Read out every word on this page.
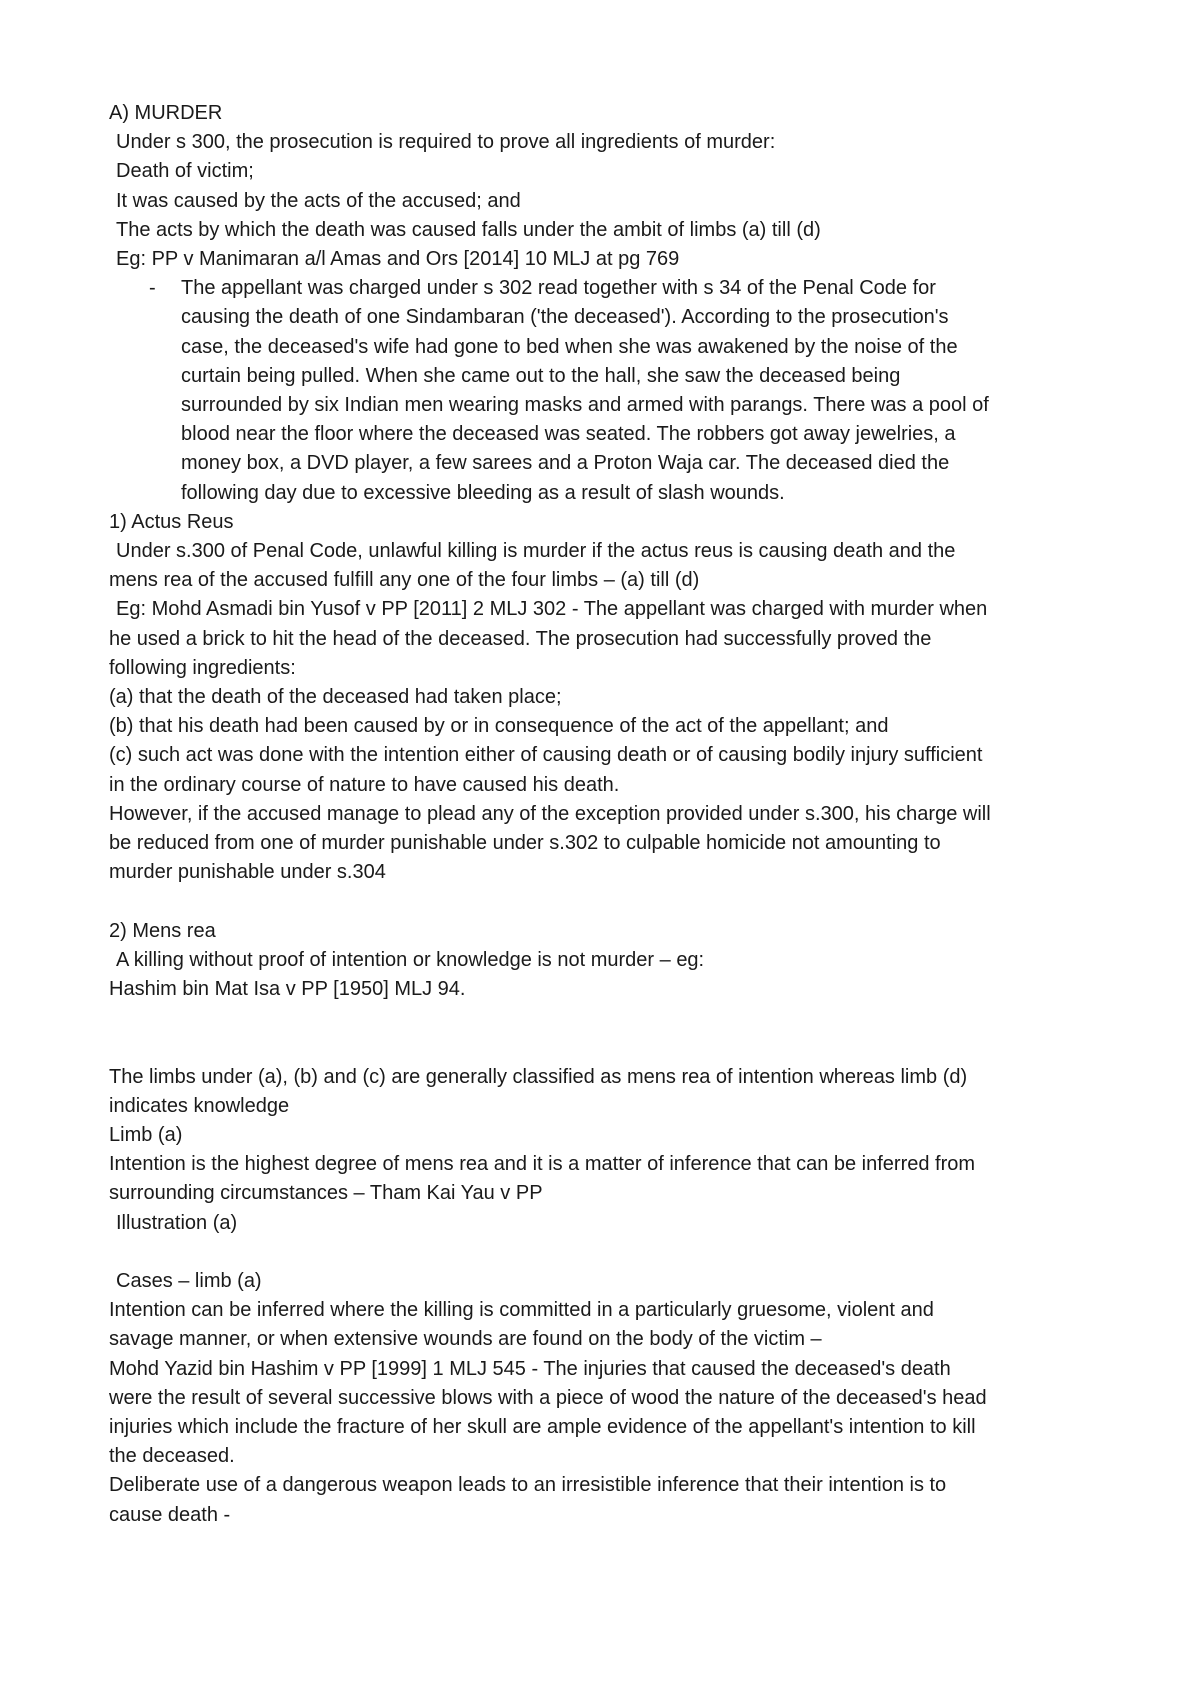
A) MURDER
Under s 300, the prosecution is required to prove all ingredients of murder:
Death of victim;
It was caused by the acts of the accused; and
The acts by which the death was caused falls under the ambit of limbs (a) till (d)
Eg: PP v Manimaran a/l Amas and Ors [2014] 10 MLJ at pg 769
- The appellant was charged under s 302 read together with s 34 of the Penal Code for
causing the death of one Sindambaran ('the deceased'). According to the prosecution's
case, the deceased's wife had gone to bed when she was awakened by the noise of the
curtain being pulled. When she came out to the hall, she saw the deceased being
surrounded by six Indian men wearing masks and armed with parangs. There was a pool of
blood near the floor where the deceased was seated. The robbers got away jewelries, a
money box, a DVD player, a few sarees and a Proton Waja car. The deceased died the
following day due to excessive bleeding as a result of slash wounds.
1) Actus Reus
Under s.300 of Penal Code, unlawful killing is murder if the actus reus is causing death and the
mens rea of the accused fulfill any one of the four limbs – (a) till (d)
Eg: Mohd Asmadi bin Yusof v PP [2011] 2 MLJ 302 - The appellant was charged with murder when
he used a brick to hit the head of the deceased. The prosecution had successfully proved the
following ingredients:
(a) that the death of the deceased had taken place;
(b) that his death had been caused by or in consequence of the act of the appellant; and
(c) such act was done with the intention either of causing death or of causing bodily injury sufficient
in the ordinary course of nature to have caused his death.
However, if the accused manage to plead any of the exception provided under s.300, his charge will
be reduced from one of murder punishable under s.302 to culpable homicide not amounting to
murder punishable under s.304
2) Mens rea
A killing without proof of intention or knowledge is not murder – eg:
Hashim bin Mat Isa v PP [1950] MLJ 94.
The limbs under (a), (b) and (c) are generally classified as mens rea of intention whereas limb (d)
indicates knowledge
Limb (a)
Intention is the highest degree of mens rea and it is a matter of inference that can be inferred from
surrounding circumstances – Tham Kai Yau v PP
Illustration (a)
Cases – limb (a)
Intention can be inferred where the killing is committed in a particularly gruesome, violent and
savage manner, or when extensive wounds are found on the body of the victim –
Mohd Yazid bin Hashim v PP [1999] 1 MLJ 545 - The injuries that caused the deceased's death
were the result of several successive blows with a piece of wood the nature of the deceased's head
injuries which include the fracture of her skull are ample evidence of the appellant's intention to kill
the deceased.
Deliberate use of a dangerous weapon leads to an irresistible inference that their intention is to
cause death -
